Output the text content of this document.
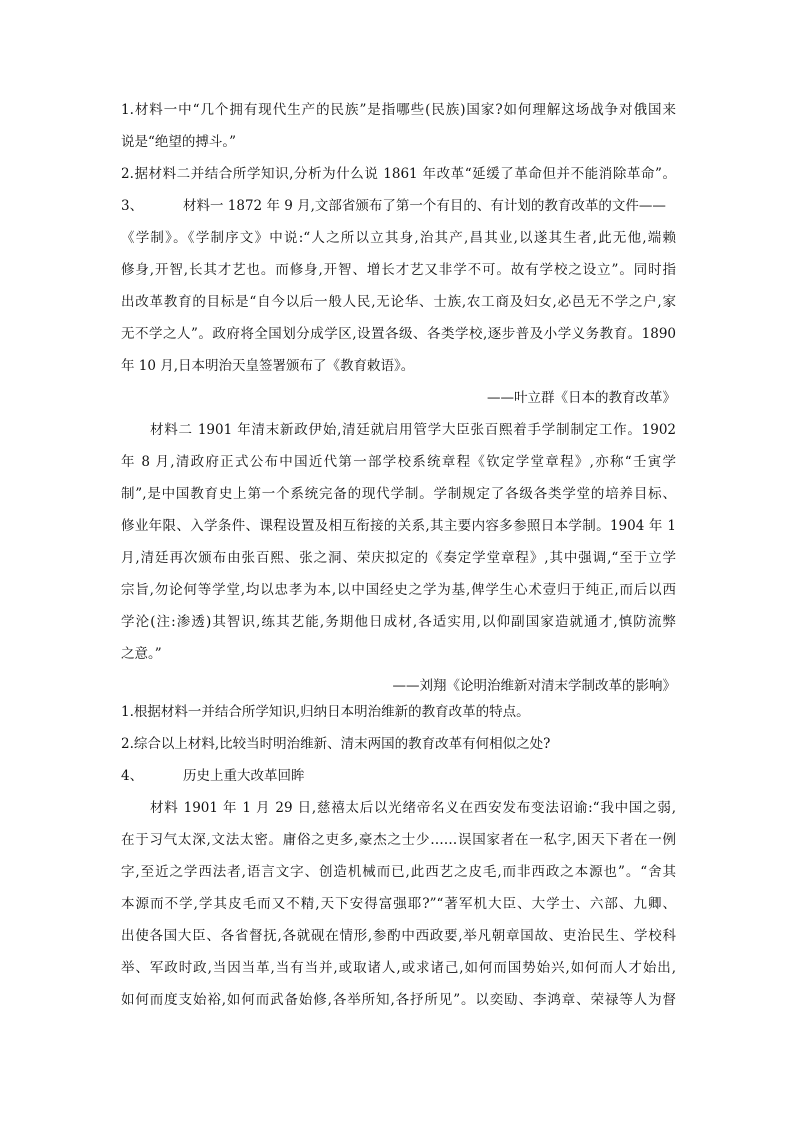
1.材料一中“几个拥有现代生产的民族”是指哪些(民族)国家?如何理解这场战争对俄国来
说是“绝望的搏斗。”
2.据材料二并结合所学知识,分析为什么说 1861 年改革“延缓了革命但并不能消除革命”。
3、	材料一 1872 年 9 月,文部省颁布了第一个有目的、有计划的教育改革的文件——
《学制》。《学制序文》中说:“人之所以立其身,治其产,昌其业,以遂其生者,此无他,端赖
修身,开智,长其才艺也。而修身,开智、增长才艺又非学不可。故有学校之设立”。同时指
出改革教育的目标是“自今以后一般人民,无论华、士族,农工商及妇女,必邑无不学之户,家
无不学之人”。政府将全国划分成学区,设置各级、各类学校,逐步普及小学义务教育。1890
年 10 月,日本明治天皇签署颁布了《教育敕语》。
——叶立群《日本的教育改革》
材料二 1901 年清末新政伊始,清廷就启用管学大臣张百熙着手学制制定工作。1902
年 8 月,清政府正式公布中国近代第一部学校系统章程《钦定学堂章程》,亦称“壬寅学
制”,是中国教育史上第一个系统完备的现代学制。学制规定了各级各类学堂的培养目标、
修业年限、入学条件、课程设置及相互衔接的关系,其主要内容多参照日本学制。1904 年 1
月,清廷再次颁布由张百熙、张之洞、荣庆拟定的《奏定学堂章程》,其中强调,“至于立学
宗旨,勿论何等学堂,均以忠孝为本,以中国经史之学为基,俾学生心术壹归于纯正,而后以西
学沦(注:渗透)其智识,练其艺能,务期他日成材,各适实用,以仰副国家造就通才,慎防流弊
之意。”
——刘翔《论明治维新对清末学制改革的影响》
1.根据材料一并结合所学知识,归纳日本明治维新的教育改革的特点。
2.综合以上材料,比较当时明治维新、清末两国的教育改革有何相似之处?
4、	历史上重大改革回眸
材料 1901 年 1 月 29 日,慈禧太后以光绪帝名义在西安发布变法诏谕:“我中国之弱,
在于习气太深,文法太密。庸俗之吏多,豪杰之士少……误国家者在一私字,困天下者在一例
字,至近之学西法者,语言文字、创造机械而已,此西艺之皮毛,而非西政之本源也”。“舍其
本源而不学,学其皮毛而又不精,天下安得富强耶?”“著军机大臣、大学士、六部、九卿、
出使各国大臣、各省督抚,各就砚在情形,参酌中西政要,举凡朝章国故、吏治民生、学校科
举、军政时政,当因当革,当有当并,或取诸人,或求诸己,如何而国势始兴,如何而人才始出,
如何而度支始裕,如何而武备始修,各举所知,各抒所见”。以奕劻、李鸿章、荣禄等人为督
